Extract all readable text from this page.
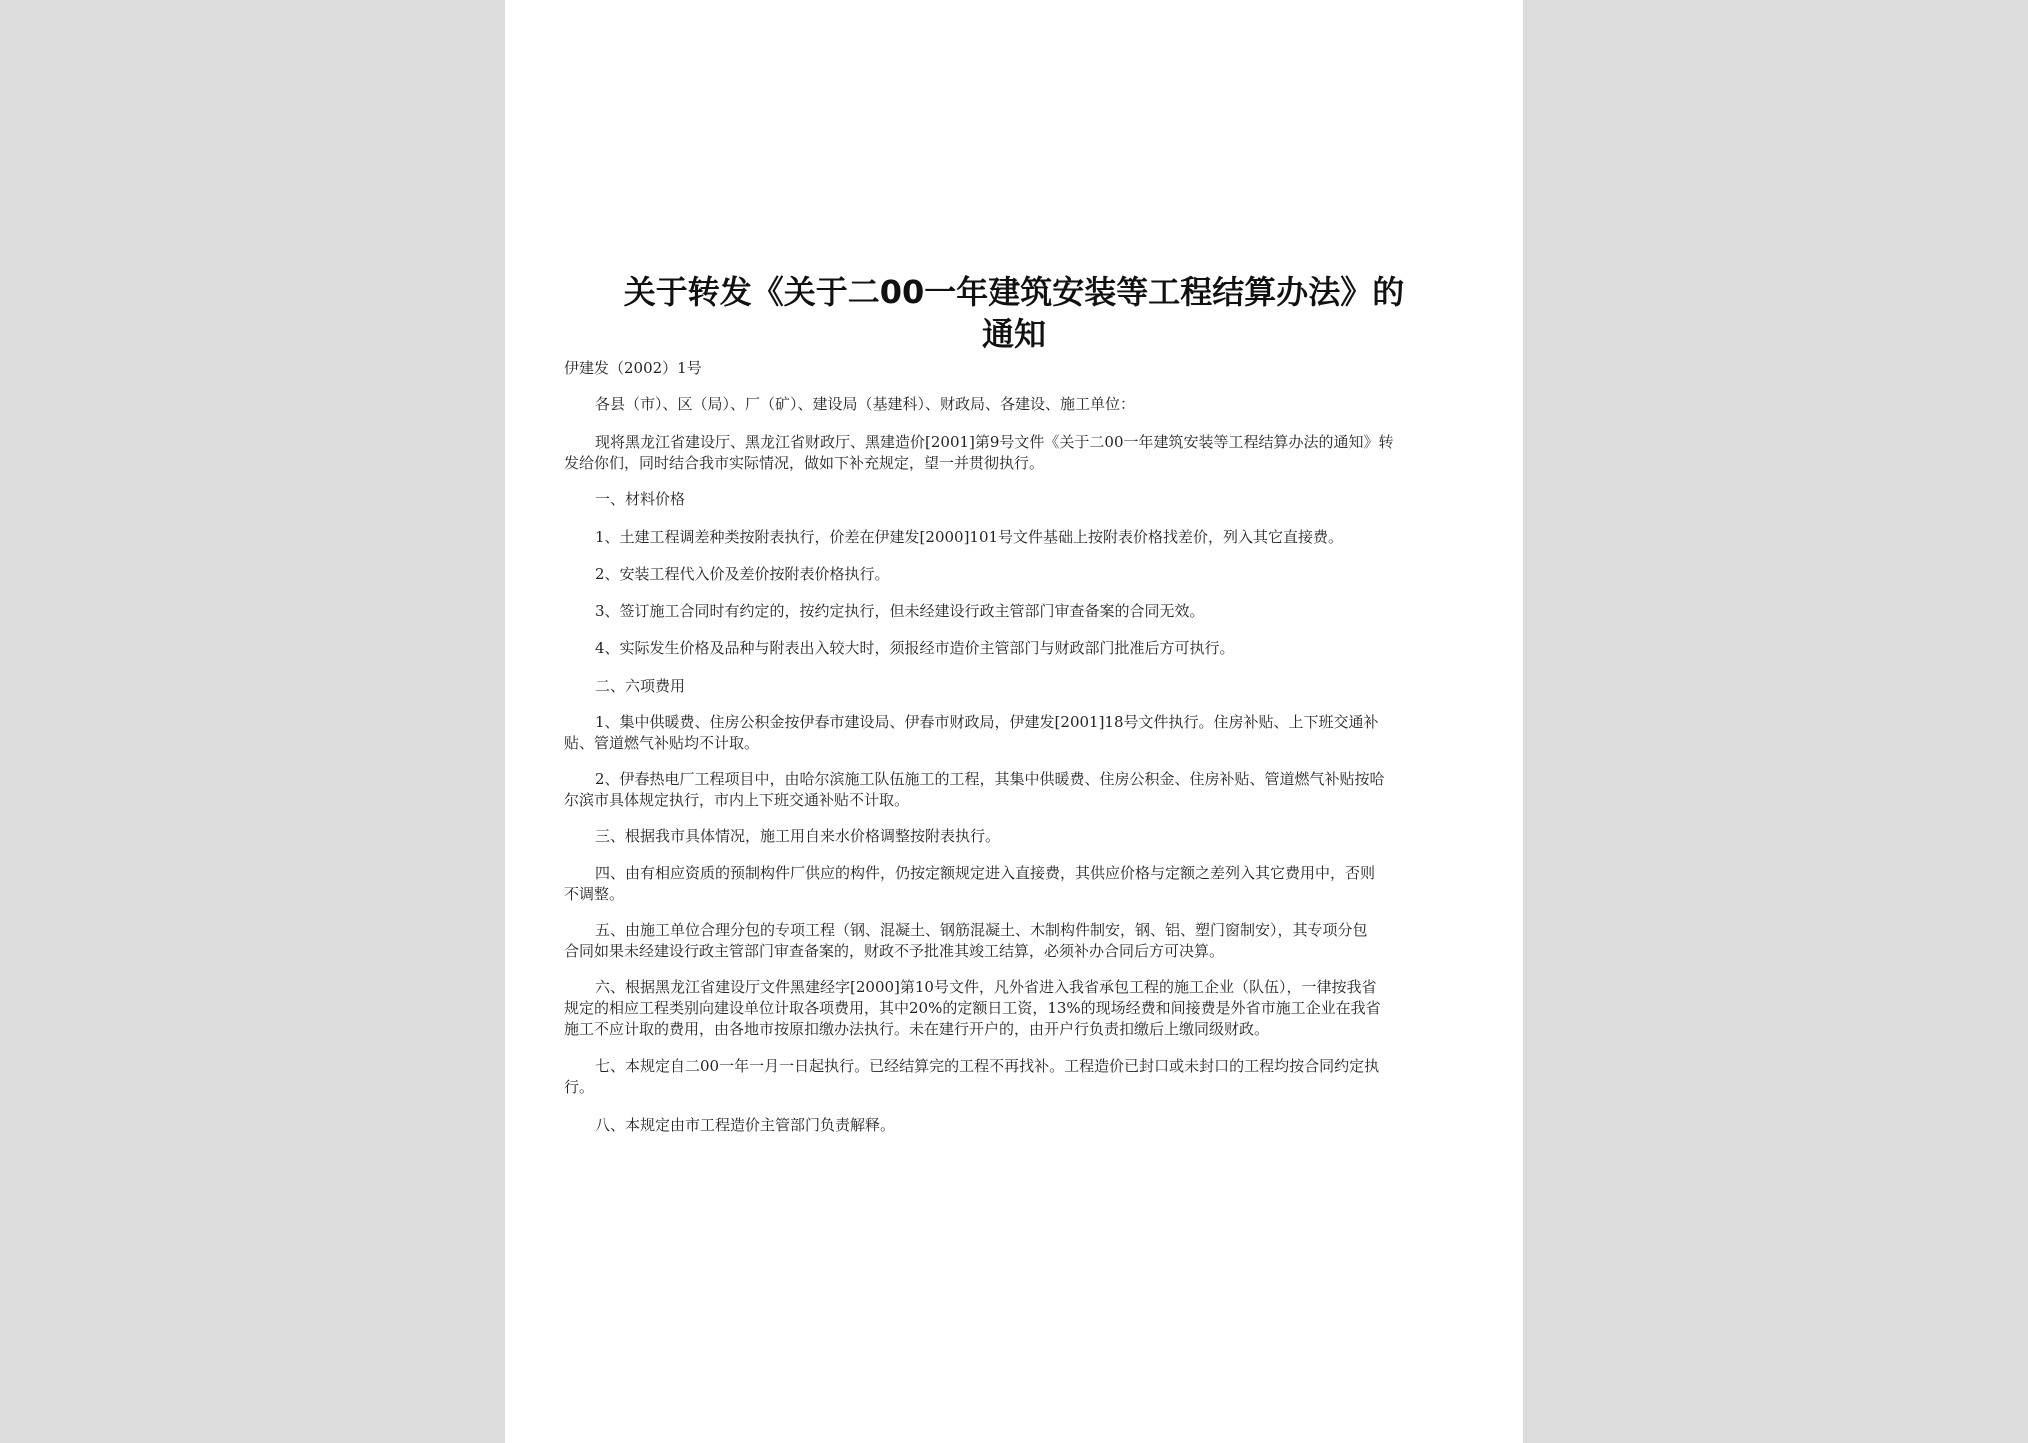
关于转发《关于二00一年建筑安装等工程结算办法》的
通知
伊建发（2002）1号
各县（市）、区（局）、厂（矿）、建设局（基建科）、财政局、各建设、施工单位：
现将黑龙江省建设厅、黑龙江省财政厅、黑建造价[2001]第9号文件《关于二00一年建筑安装等工程结算办法的通知》转
发给你们，同时结合我市实际情况，做如下补充规定，望一并贯彻执行。
一、材料价格
1、土建工程调差种类按附表执行，价差在伊建发[2000]101号文件基础上按附表价格找差价，列入其它直接费。
2、安装工程代入价及差价按附表价格执行。
3、签订施工合同时有约定的，按约定执行，但未经建设行政主管部门审查备案的合同无效。
4、实际发生价格及品种与附表出入较大时，须报经市造价主管部门与财政部门批准后方可执行。
二、六项费用
1、集中供暖费、住房公积金按伊春市建设局、伊春市财政局，伊建发[2001]18号文件执行。住房补贴、上下班交通补
贴、管道燃气补贴均不计取。
2、伊春热电厂工程项目中，由哈尔滨施工队伍施工的工程，其集中供暖费、住房公积金、住房补贴、管道燃气补贴按哈
尔滨市具体规定执行，市内上下班交通补贴不计取。
三、根据我市具体情况，施工用自来水价格调整按附表执行。
四、由有相应资质的预制构件厂供应的构件，仍按定额规定进入直接费，其供应价格与定额之差列入其它费用中，否则
不调整。
五、由施工单位合理分包的专项工程（钢、混凝土、钢筋混凝土、木制构件制安，钢、铝、塑门窗制安），其专项分包
合同如果未经建设行政主管部门审查备案的，财政不予批准其竣工结算，必须补办合同后方可决算。
六、根据黑龙江省建设厅文件黑建经字[2000]第10号文件，凡外省进入我省承包工程的施工企业（队伍），一律按我省
规定的相应工程类别向建设单位计取各项费用，其中20%的定额日工资，13%的现场经费和间接费是外省市施工企业在我省
施工不应计取的费用，由各地市按原扣缴办法执行。未在建行开户的，由开户行负责扣缴后上缴同级财政。
七、本规定自二00一年一月一日起执行。已经结算完的工程不再找补。工程造价已封口或未封口的工程均按合同约定执
行。
八、本规定由市工程造价主管部门负责解释。
